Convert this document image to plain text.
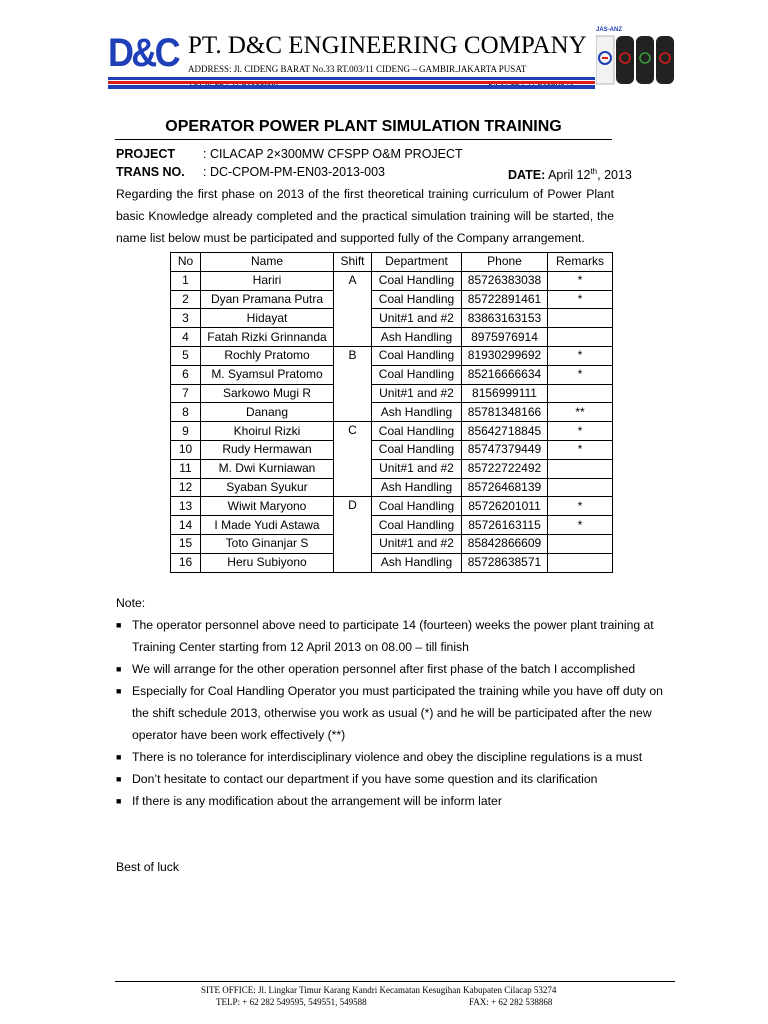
D&C PT. D&C ENGINEERING COMPANY
ADDRESS: Jl. CIDENG BARAT No.33 RT.003/11 CIDENG – GAMBIR.JAKARTA PUSAT
JAS-ANZ
OPERATOR POWER PLANT SIMULATION TRAINING
PROJECT : CILACAP 2×300MW CFSPP O&M PROJECT
TRANS NO. : DC-CPOM-PM-EN03-2013-003	DATE: April 12th, 2013
Regarding the first phase on 2013 of the first theoretical training curriculum of Power Plant basic Knowledge already completed and the practical simulation training will be started, the name list below must be participated and supported fully of the Company arrangement.
No	Name	Shift	Department	Phone	Remarks
1	Hariri	A	Coal Handling	85726383038	*
2	Dyan Pramana Putra		Coal Handling	85722891461	*
3	Hidayat		Unit#1 and #2	83863163153	
4	Fatah Rizki Grinnanda		Ash Handling	8975976914	
5	Rochly Pratomo	B	Coal Handling	81930299692	*
6	M. Syamsul Pratomo		Coal Handling	85216666634	*
7	Sarkowo Mugi R		Unit#1 and #2	8156999111	
8	Danang		Ash Handling	85781348166	**
9	Khoirul Rizki	C	Coal Handling	85642718845	*
10	Rudy Hermawan		Coal Handling	85747379449	*
11	M. Dwi Kurniawan		Unit#1 and #2	85722722492	
12	Syaban Syukur		Ash Handling	85726468139	
13	Wiwit Maryono	D	Coal Handling	85726201011	*
14	I Made Yudi Astawa		Coal Handling	85726163115	*
15	Toto Ginanjar S		Unit#1 and #2	85842866609	
16	Heru Subiyono		Ash Handling	85728638571	
Note:
■ The operator personnel above need to participate 14 (fourteen) weeks the power plant training at Training Center starting from 12 April 2013 on 08.00 – till finish
■ We will arrange for the other operation personnel after first phase of the batch I accomplished
■ Especially for Coal Handling Operator you must participated the training while you have off duty on the shift schedule 2013, otherwise you work as usual (*) and he will be participated after the new operator have been work effectively (**)
■ There is no tolerance for interdisciplinary violence and obey the discipline regulations is a must
■ Don’t hesitate to contact our department if you have some question and its clarification
■ If there is any modification about the arrangement will be inform later
Best of luck
SITE OFFICE: Jl. Lingkar Timur Karang Kandri Kecamatan Kesugihan Kabupaten Cilacap 53274
TELP: + 62 282 549595, 549551, 549588	FAX: + 62 282 538868
